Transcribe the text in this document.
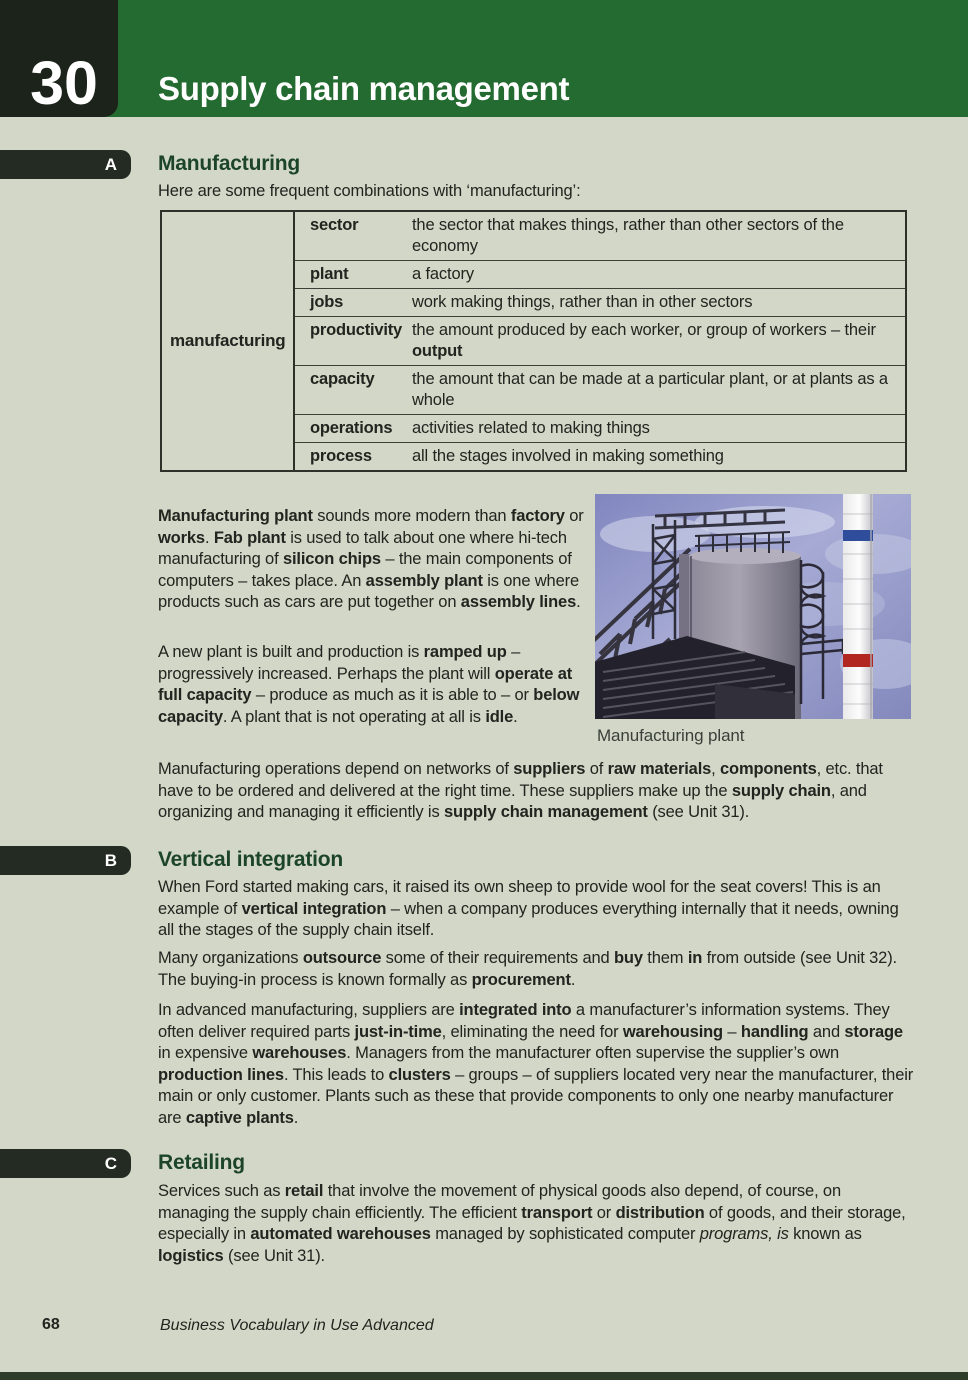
30 Supply chain management
A Manufacturing
Here are some frequent combinations with ‘manufacturing’:
manufacturing
sector	the sector that makes things, rather than other sectors of the economy
plant	a factory
jobs	work making things, rather than in other sectors
productivity the amount produced by each worker, or group of workers – their output
capacity	the amount that can be made at a particular plant, or at plants as a whole
operations	activities related to making things
process	all the stages involved in making something
Manufacturing plant sounds more modern than factory or works. Fab plant is used to talk about one where hi-tech manufacturing of silicon chips – the main components of computers – takes place. An assembly plant is one where products such as cars are put together on assembly lines.
A new plant is built and production is ramped up – progressively increased. Perhaps the plant will operate at full capacity – produce as much as it is able to – or below capacity. A plant that is not operating at all is idle.
Manufacturing operations depend on networks of suppliers of raw materials, components, etc. that have to be ordered and delivered at the right time. These suppliers make up the supply chain, and organizing and managing it efficiently is supply chain management (see Unit 31).
Manufacturing plant
B Vertical integration
When Ford started making cars, it raised its own sheep to provide wool for the seat covers! This is an example of vertical integration – when a company produces everything internally that it needs, owning all the stages of the supply chain itself.
Many organizations outsource some of their requirements and buy them in from outside (see Unit 32). The buying-in process is known formally as procurement.
In advanced manufacturing, suppliers are integrated into a manufacturer’s information systems. They often deliver required parts just-in-time, eliminating the need for warehousing – handling and storage in expensive warehouses. Managers from the manufacturer often supervise the supplier’s own production lines. This leads to clusters – groups – of suppliers located very near the manufacturer, their main or only customer. Plants such as these that provide components to only one nearby manufacturer are captive plants.
C Retailing
Services such as retail that involve the movement of physical goods also depend, of course, on managing the supply chain efficiently. The efficient transport or distribution of goods, and their storage, especially in automated warehouses managed by sophisticated computer programs, is known as logistics (see Unit 31).
68	Business Vocabulary in Use Advanced
